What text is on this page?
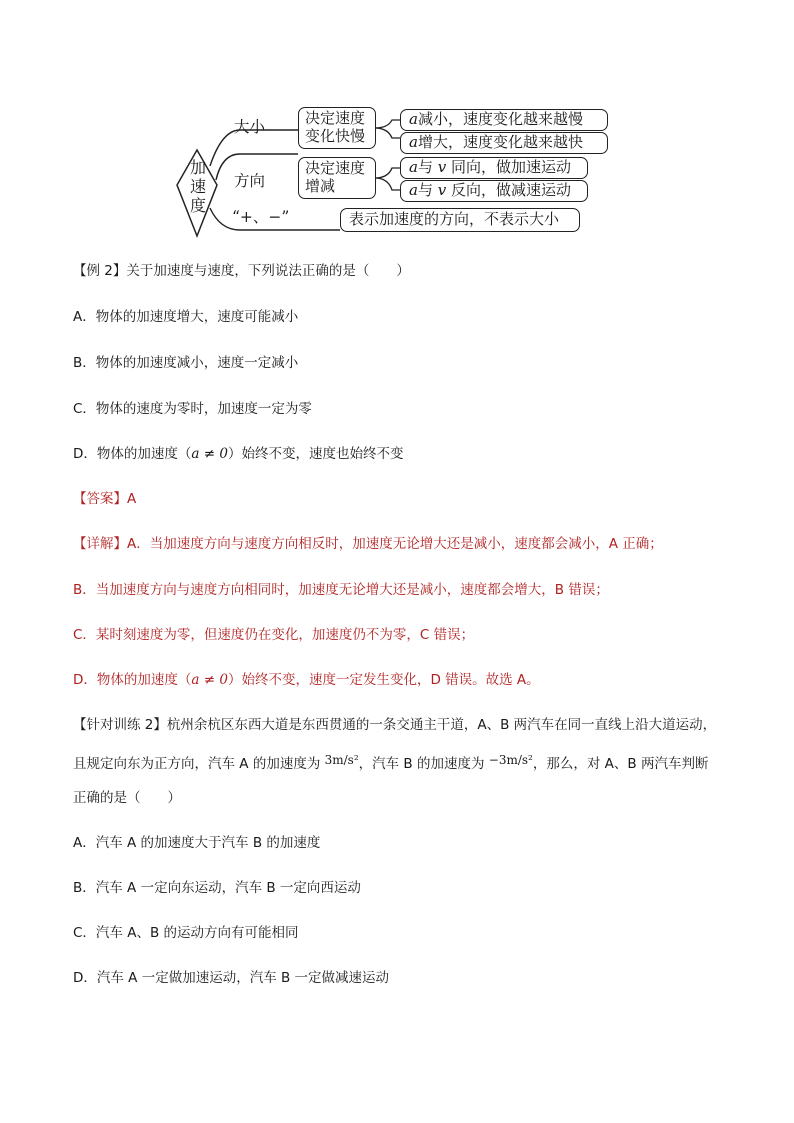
加
速
度
大小
方向
“+、−”
决定速度
变化快慢
决定速度
增减
a减小，速度变化越来越慢
a增大，速度变化越来越快
a与 v 同向，做加速运动
a与 v 反向，做减速运动
表示加速度的方向，不表示大小
【例 2】关于加速度与速度，下列说法正确的是（　　）
A．物体的加速度增大，速度可能减小
B．物体的加速度减小，速度一定减小
C．物体的速度为零时，加速度一定为零
D．物体的加速度（a ≠ 0）始终不变，速度也始终不变
【答案】A
【详解】A．当加速度方向与速度方向相反时，加速度无论增大还是减小，速度都会减小，A 正确；
B．当加速度方向与速度方向相同时，加速度无论增大还是减小，速度都会增大，B 错误；
C．某时刻速度为零，但速度仍在变化，加速度仍不为零，C 错误；
D．物体的加速度（a ≠ 0）始终不变，速度一定发生变化，D 错误。故选 A。
【针对训练 2】杭州余杭区东西大道是东西贯通的一条交通主干道，A、B 两汽车在同一直线上沿大道运动，
且规定向东为正方向，汽车 A 的加速度为 3m/s²，汽车 B 的加速度为 −3m/s²，那么，对 A、B 两汽车判断
正确的是（　　）
A．汽车 A 的加速度大于汽车 B 的加速度
B．汽车 A 一定向东运动，汽车 B 一定向西运动
C．汽车 A、B 的运动方向有可能相同
D．汽车 A 一定做加速运动，汽车 B 一定做减速运动
